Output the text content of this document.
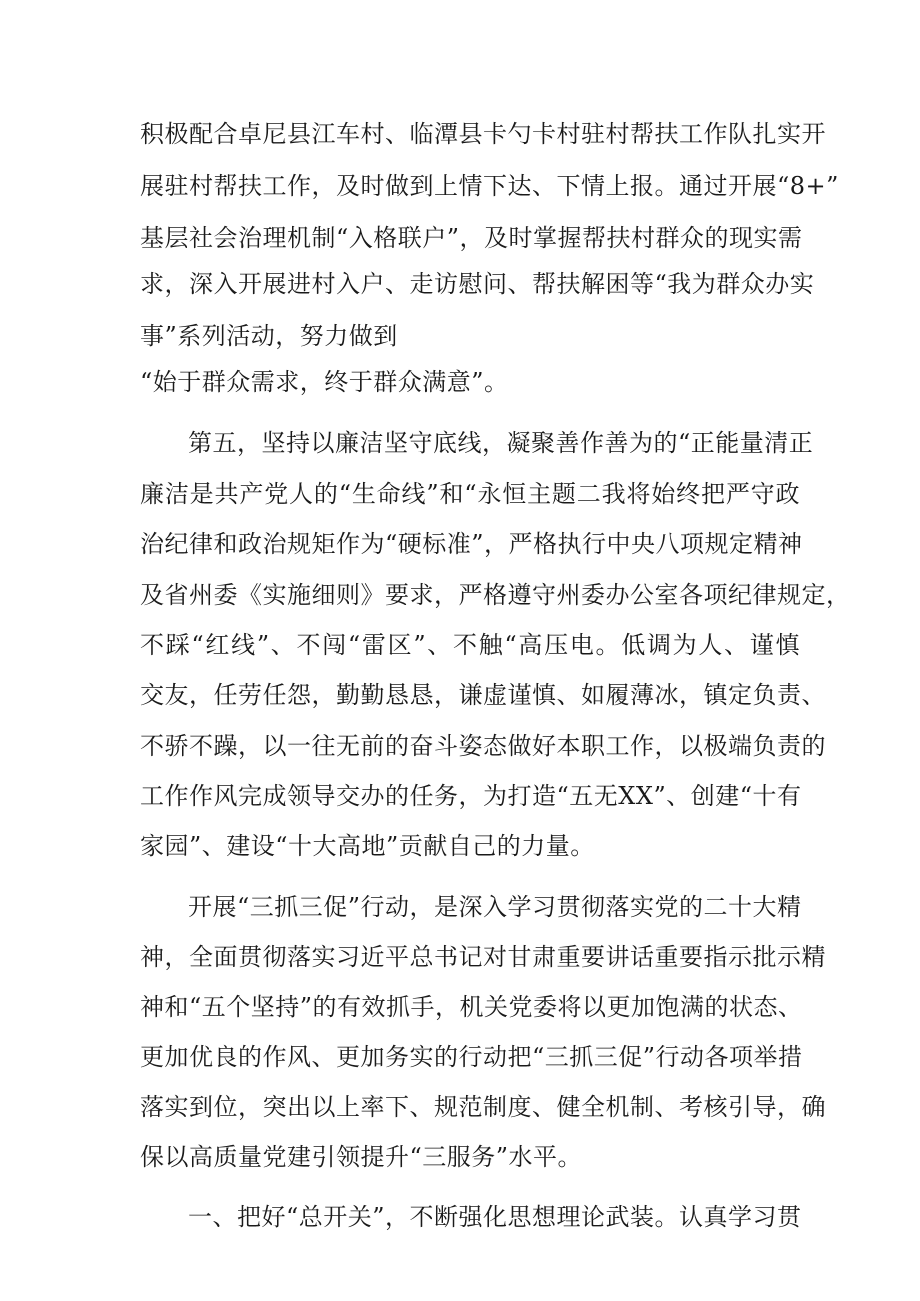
积极配合卓尼县江车村、临潭县卡勺卡村驻村帮扶工作队扎实开
展驻村帮扶工作，及时做到上情下达、下情上报。通过开展“8+”
基层社会治理机制“入格联户”，及时掌握帮扶村群众的现实需
求，深入开展进村入户、走访慰问、帮扶解困等“我为群众办实
事”系列活动，努力做到
“始于群众需求，终于群众满意”。
第五，坚持以廉洁坚守底线，凝聚善作善为的“正能量清正
廉洁是共产党人的“生命线”和“永恒主题二我将始终把严守政
治纪律和政治规矩作为“硬标准”，严格执行中央八项规定精神
及省州委《实施细则》要求，严格遵守州委办公室各项纪律规定，
不踩“红线”、不闯“雷区”、不触“高压电。低调为人、谨慎
交友，任劳任怨，勤勤恳恳，谦虚谨慎、如履薄冰，镇定负责、
不骄不躁，以一往无前的奋斗姿态做好本职工作，以极端负责的
工作作风完成领导交办的任务，为打造“五无XX”、创建“十有
家园”、建设“十大高地”贡献自己的力量。
开展“三抓三促”行动，是深入学习贯彻落实党的二十大精
神，全面贯彻落实习近平总书记对甘肃重要讲话重要指示批示精
神和“五个坚持”的有效抓手，机关党委将以更加饱满的状态、
更加优良的作风、更加务实的行动把“三抓三促”行动各项举措
落实到位，突出以上率下、规范制度、健全机制、考核引导，确
保以高质量党建引领提升“三服务”水平。
一、把好“总开关”，不断强化思想理论武装。认真学习贯
